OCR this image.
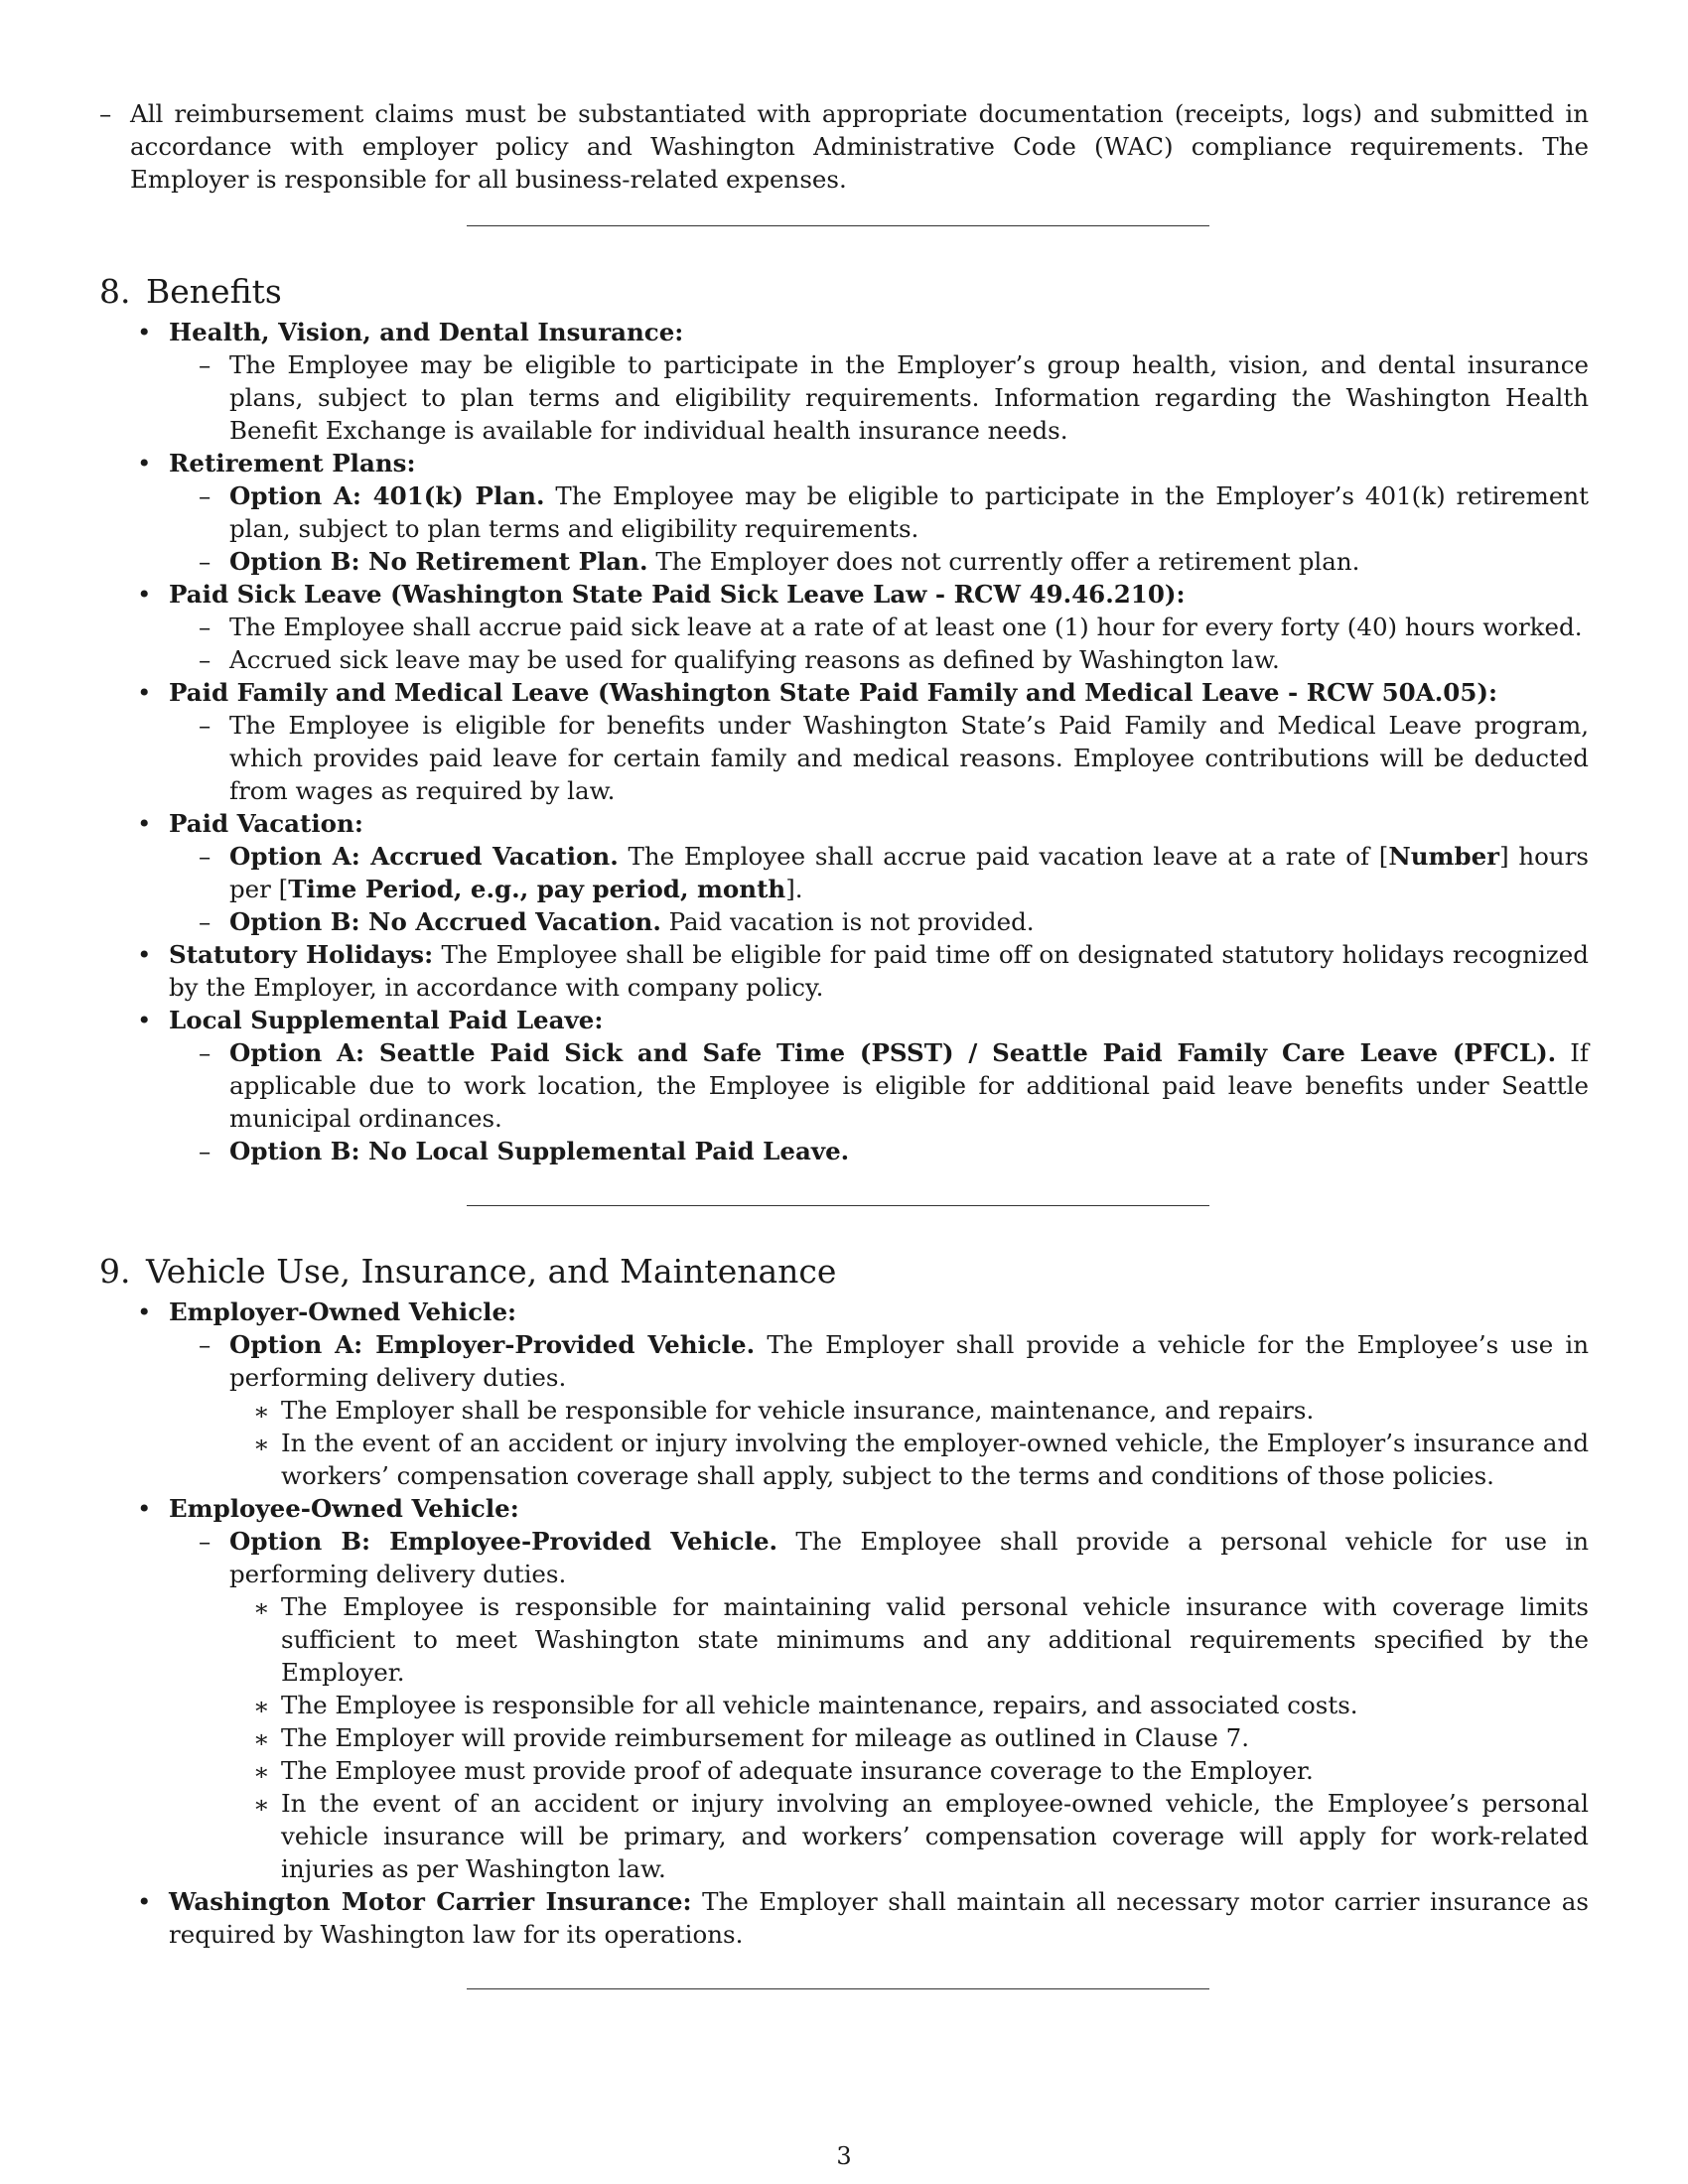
– All reimbursement claims must be substantiated with appropriate documentation (receipts, logs) and submitted in accordance with employer policy and Washington Administrative Code (WAC) compliance requirements. The Employer is responsible for all business-related expenses.
8. Benefits
• Health, Vision, and Dental Insurance:
– The Employee may be eligible to participate in the Employer’s group health, vision, and dental insurance plans, subject to plan terms and eligibility requirements. Information regarding the Washington Health Benefit Exchange is available for individual health insurance needs.
• Retirement Plans:
– Option A: 401(k) Plan. The Employee may be eligible to participate in the Employer’s 401(k) retirement plan, subject to plan terms and eligibility requirements.
– Option B: No Retirement Plan. The Employer does not currently offer a retirement plan.
• Paid Sick Leave (Washington State Paid Sick Leave Law - RCW 49.46.210):
– The Employee shall accrue paid sick leave at a rate of at least one (1) hour for every forty (40) hours worked.
– Accrued sick leave may be used for qualifying reasons as defined by Washington law.
• Paid Family and Medical Leave (Washington State Paid Family and Medical Leave - RCW 50A.05):
– The Employee is eligible for benefits under Washington State’s Paid Family and Medical Leave program, which provides paid leave for certain family and medical reasons. Employee contributions will be deducted from wages as required by law.
• Paid Vacation:
– Option A: Accrued Vacation. The Employee shall accrue paid vacation leave at a rate of [Number] hours per [Time Period, e.g., pay period, month].
– Option B: No Accrued Vacation. Paid vacation is not provided.
• Statutory Holidays: The Employee shall be eligible for paid time off on designated statutory holidays recognized by the Employer, in accordance with company policy.
• Local Supplemental Paid Leave:
– Option A: Seattle Paid Sick and Safe Time (PSST) / Seattle Paid Family Care Leave (PFCL). If applicable due to work location, the Employee is eligible for additional paid leave benefits under Seattle municipal ordinances.
– Option B: No Local Supplemental Paid Leave.
9. Vehicle Use, Insurance, and Maintenance
• Employer-Owned Vehicle:
– Option A: Employer-Provided Vehicle. The Employer shall provide a vehicle for the Employee’s use in performing delivery duties.
∗ The Employer shall be responsible for vehicle insurance, maintenance, and repairs.
∗ In the event of an accident or injury involving the employer-owned vehicle, the Employer’s insurance and workers’ compensation coverage shall apply, subject to the terms and conditions of those policies.
• Employee-Owned Vehicle:
– Option B: Employee-Provided Vehicle. The Employee shall provide a personal vehicle for use in performing delivery duties.
∗ The Employee is responsible for maintaining valid personal vehicle insurance with coverage limits sufficient to meet Washington state minimums and any additional requirements specified by the Employer.
∗ The Employee is responsible for all vehicle maintenance, repairs, and associated costs.
∗ The Employer will provide reimbursement for mileage as outlined in Clause 7.
∗ The Employee must provide proof of adequate insurance coverage to the Employer.
∗ In the event of an accident or injury involving an employee-owned vehicle, the Employee’s personal vehicle insurance will be primary, and workers’ compensation coverage will apply for work-related injuries as per Washington law.
• Washington Motor Carrier Insurance: The Employer shall maintain all necessary motor carrier insurance as required by Washington law for its operations.
3
